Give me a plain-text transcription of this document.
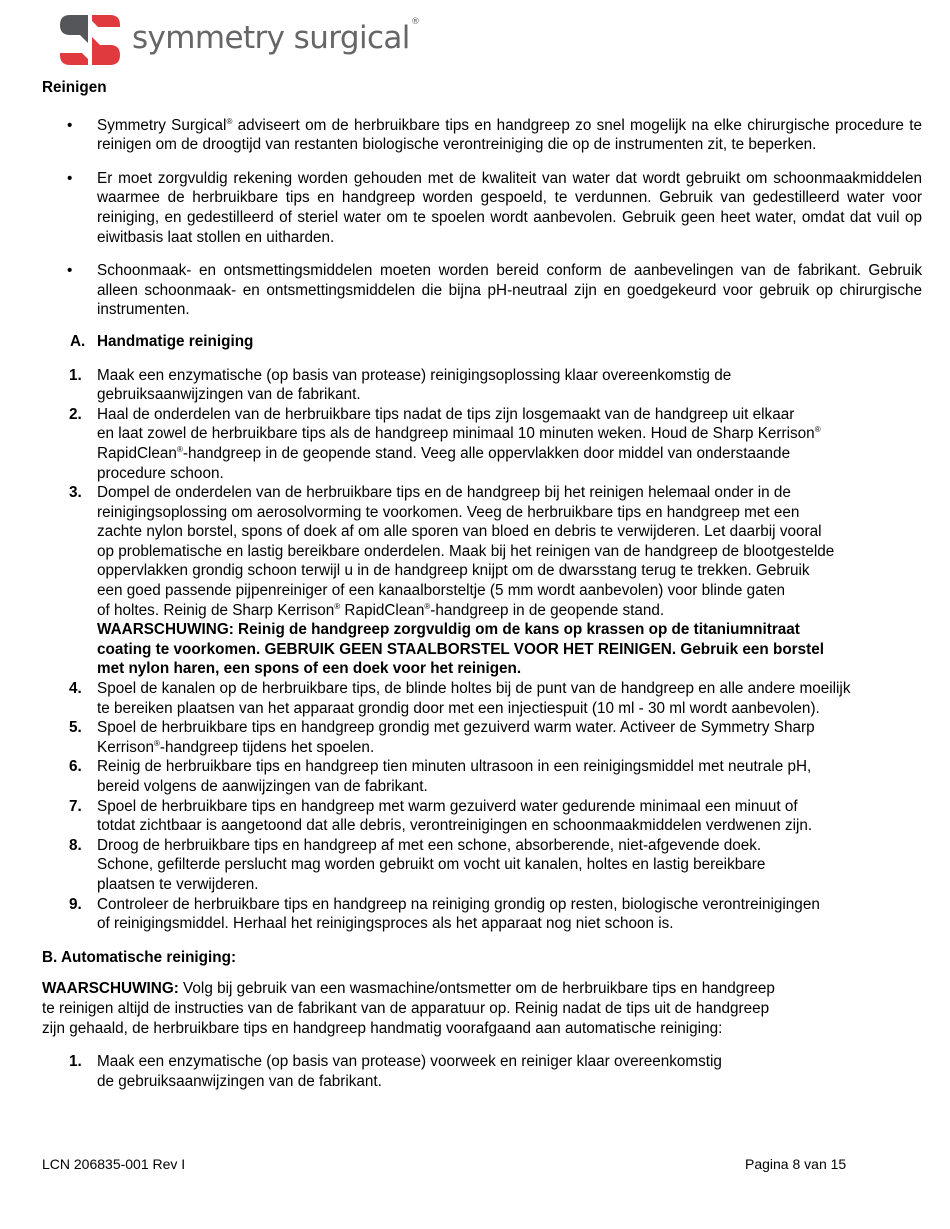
symmetry surgical®
Reinigen
• Symmetry Surgical® adviseert om de herbruikbare tips en handgreep zo snel mogelijk na elke chirurgische procedure te reinigen om de droogtijd van restanten biologische verontreiniging die op de instrumenten zit, te beperken.
• Er moet zorgvuldig rekening worden gehouden met de kwaliteit van water dat wordt gebruikt om schoonmaakmiddelen waarmee de herbruikbare tips en handgreep worden gespoeld, te verdunnen. Gebruik van gedestilleerd water voor reiniging, en gedestilleerd of steriel water om te spoelen wordt aanbevolen. Gebruik geen heet water, omdat dat vuil op eiwitbasis laat stollen en uitharden.
• Schoonmaak- en ontsmettingsmiddelen moeten worden bereid conform de aanbevelingen van de fabrikant. Gebruik alleen schoonmaak- en ontsmettingsmiddelen die bijna pH-neutraal zijn en goedgekeurd voor gebruik op chirurgische instrumenten.

A. Handmatige reiniging

1. Maak een enzymatische (op basis van protease) reinigingsoplossing klaar overeenkomstig de
gebruiksaanwijzingen van de fabrikant.
2. Haal de onderdelen van de herbruikbare tips nadat de tips zijn losgemaakt van de handgreep uit elkaar
en laat zowel de herbruikbare tips als de handgreep minimaal 10 minuten weken. Houd de Sharp Kerrison®
RapidClean®-handgreep in de geopende stand. Veeg alle oppervlakken door middel van onderstaande
procedure schoon.
3. Dompel de onderdelen van de herbruikbare tips en de handgreep bij het reinigen helemaal onder in de
reinigingsoplossing om aerosolvorming te voorkomen. Veeg de herbruikbare tips en handgreep met een
zachte nylon borstel, spons of doek af om alle sporen van bloed en debris te verwijderen. Let daarbij vooral
op problematische en lastig bereikbare onderdelen. Maak bij het reinigen van de handgreep de blootgestelde
oppervlakken grondig schoon terwijl u in de handgreep knijpt om de dwarsstang terug te trekken. Gebruik
een goed passende pijpenreiniger of een kanaalborsteltje (5 mm wordt aanbevolen) voor blinde gaten
of holtes. Reinig de Sharp Kerrison® RapidClean®-handgreep in de geopende stand.
WAARSCHUWING: Reinig de handgreep zorgvuldig om de kans op krassen op de titaniumnitraat
coating te voorkomen. GEBRUIK GEEN STAALBORSTEL VOOR HET REINIGEN. Gebruik een borstel
met nylon haren, een spons of een doek voor het reinigen.
4. Spoel de kanalen op de herbruikbare tips, de blinde holtes bij de punt van de handgreep en alle andere moeilijk
te bereiken plaatsen van het apparaat grondig door met een injectiespuit (10 ml - 30 ml wordt aanbevolen).
5. Spoel de herbruikbare tips en handgreep grondig met gezuiverd warm water. Activeer de Symmetry Sharp
Kerrison®-handgreep tijdens het spoelen.
6. Reinig de herbruikbare tips en handgreep tien minuten ultrasoon in een reinigingsmiddel met neutrale pH,
bereid volgens de aanwijzingen van de fabrikant.
7. Spoel de herbruikbare tips en handgreep met warm gezuiverd water gedurende minimaal een minuut of
totdat zichtbaar is aangetoond dat alle debris, verontreinigingen en schoonmaakmiddelen verdwenen zijn.
8. Droog de herbruikbare tips en handgreep af met een schone, absorberende, niet-afgevende doek.
Schone, gefilterde perslucht mag worden gebruikt om vocht uit kanalen, holtes en lastig bereikbare
plaatsen te verwijderen.
9. Controleer de herbruikbare tips en handgreep na reiniging grondig op resten, biologische verontreinigingen
of reinigingsmiddel. Herhaal het reinigingsproces als het apparaat nog niet schoon is.
B. Automatische reiniging:

WAARSCHUWING: Volg bij gebruik van een wasmachine/ontsmetter om de herbruikbare tips en handgreep
te reinigen altijd de instructies van de fabrikant van de apparatuur op. Reinig nadat de tips uit de handgreep
zijn gehaald, de herbruikbare tips en handgreep handmatig voorafgaand aan automatische reiniging:

1. Maak een enzymatische (op basis van protease) voorweek en reiniger klaar overeenkomstig
de gebruiksaanwijzingen van de fabrikant.
LCN 206835-001 Rev I	Pagina 8 van 15
